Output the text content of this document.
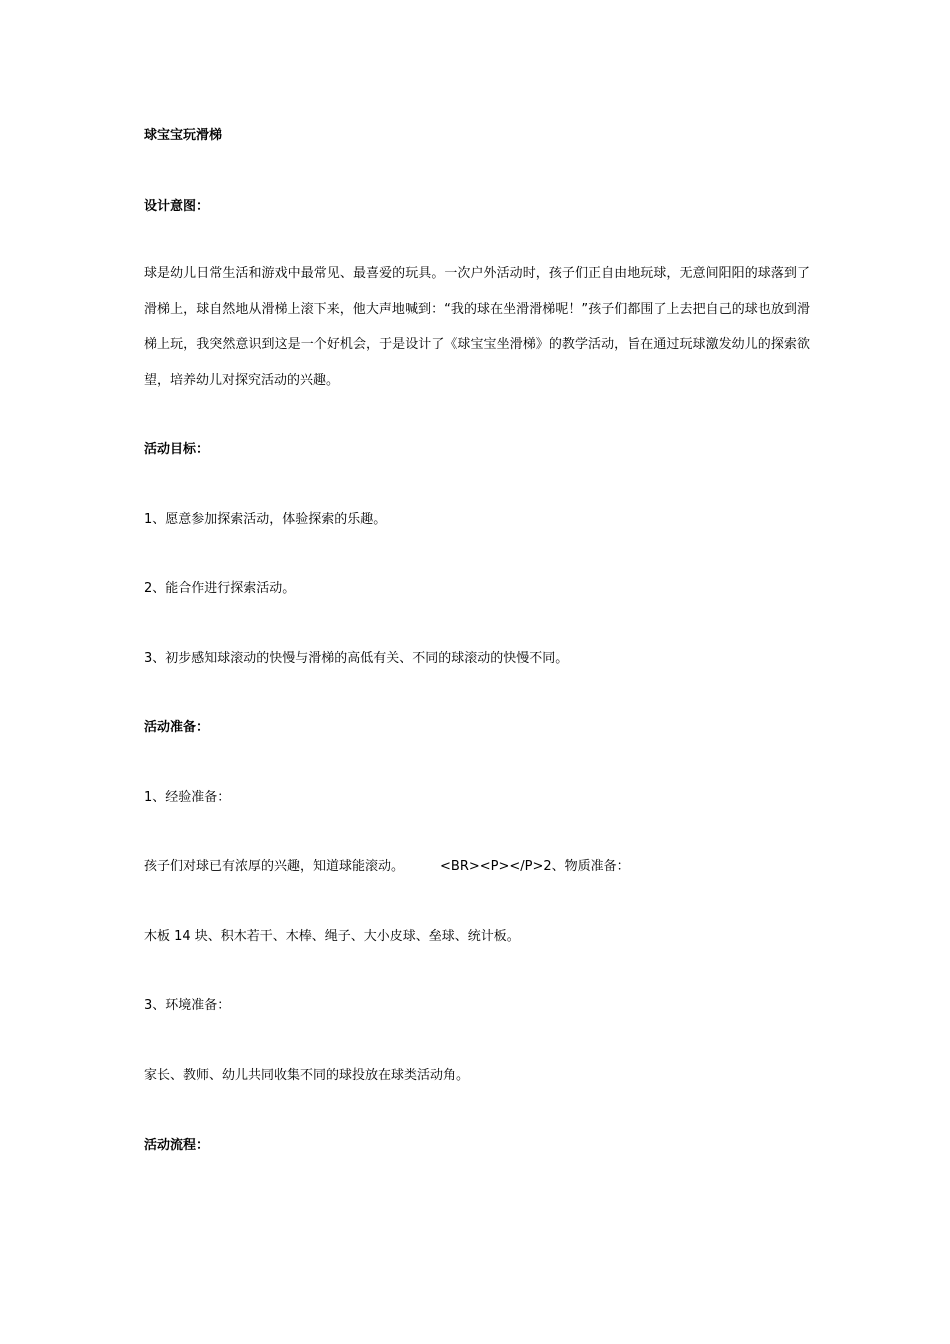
球宝宝玩滑梯

设计意图：

球是幼儿日常生活和游戏中最常见、最喜爱的玩具。一次户外活动时，孩子们正自由地玩球，无意间阳阳的球落到了滑梯上，球自然地从滑梯上滚下来，他大声地喊到：“我的球在坐滑滑梯呢！”孩子们都围了上去把自己的球也放到滑梯上玩，我突然意识到这是一个好机会，于是设计了《球宝宝坐滑梯》的教学活动，旨在通过玩球激发幼儿的探索欲望，培养幼儿对探究活动的兴趣。

活动目标：

1、愿意参加探索活动，体验探索的乐趣。

2、能合作进行探索活动。

3、初步感知球滚动的快慢与滑梯的高低有关、不同的球滚动的快慢不同。

活动准备：

1、经验准备：

孩子们对球已有浓厚的兴趣，知道球能滚动。	<BR><P></P>2、物质准备：

木板 14 块、积木若干、木棒、绳子、大小皮球、垒球、统计板。

3、环境准备：

家长、教师、幼儿共同收集不同的球投放在球类活动角。

活动流程：
